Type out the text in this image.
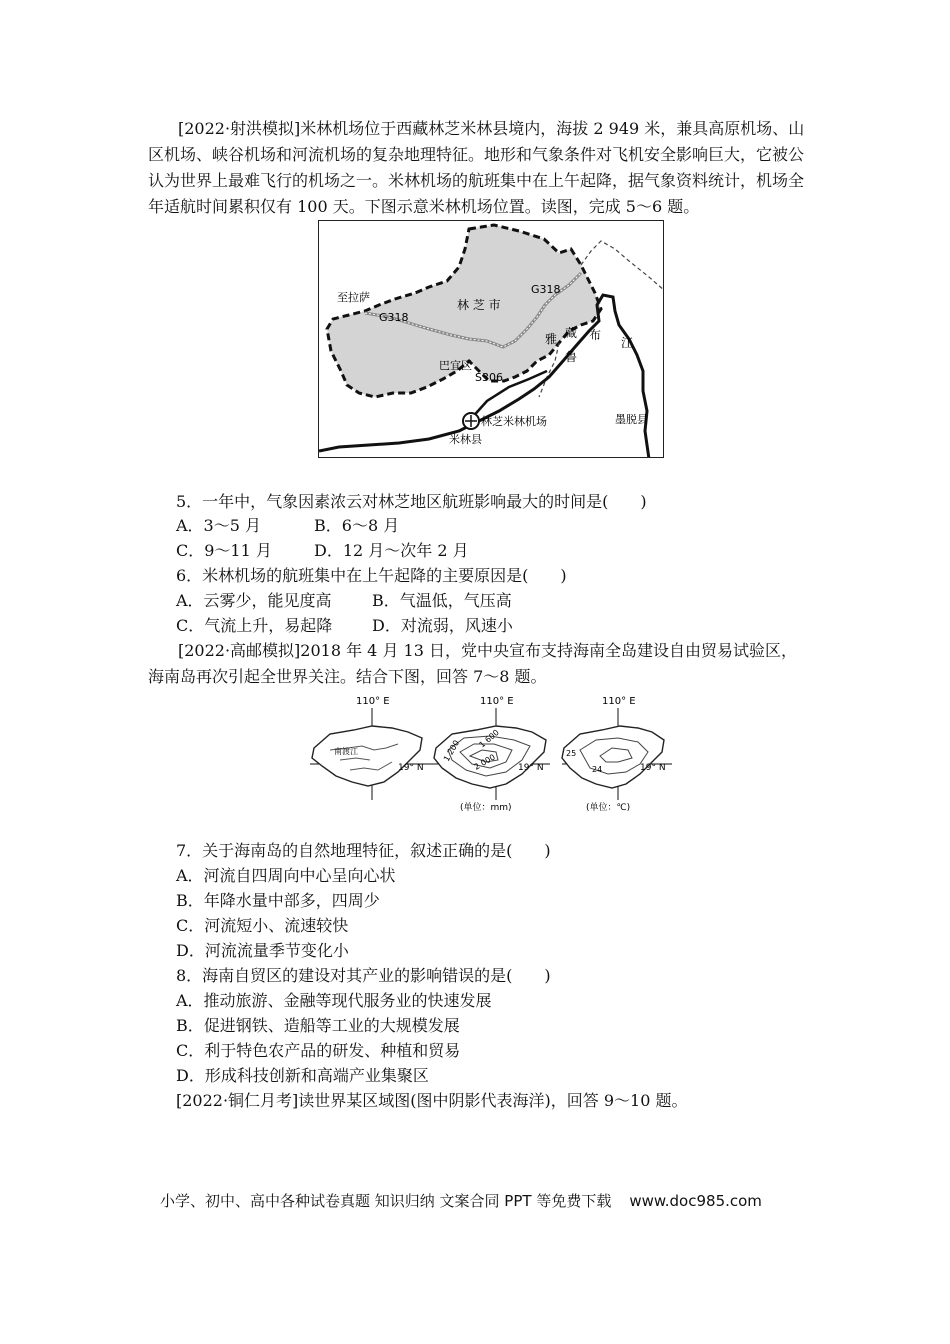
[2022·射洪模拟]米林机场位于西藏林芝米林县境内，海拔 2 949 米，兼具高原机场、山区机场、峡谷机场和河流机场的复杂地理特征。地形和气象条件对飞机安全影响巨大，它被公认为世界上最难飞行的机场之一。米林机场的航班集中在上午起降，据气象资料统计，机场全年适航时间累积仅有 100 天。下图示意米林机场位置。读图，完成 5～6 题。

至拉萨
G318
G318
林 芝 市
藏 布
江
雅
鲁
巴宜区
S306
林芝米林机场
米林县
墨脱县
5．一年中，气象因素浓云对林芝地区航班影响最大的时间是(　　)
A．3～5 月	B．6～8 月
C．9～11 月	D．12 月～次年 2 月
6．米林机场的航班集中在上午起降的主要原因是(　　)
A．云雾少，能见度高	B．气温低，气压高
C．气流上升，易起降 D．对流弱，风速小

[2022·高邮模拟]2018 年 4 月 13 日，党中央宣布支持海南全岛建设自由贸易试验区，海南岛再次引起全世界关注。结合下图，回答 7～8 题。

110° E
南渡江
19° N
110° E
1 200 1 600
2 000 19° N
(单位：mm)
110° E
25
24	19° N
(单位：℃)
7．关于海南岛的自然地理特征，叙述正确的是(　　)
A．河流自四周向中心呈向心状
B．年降水量中部多，四周少
C．河流短小、流速较快
D．河流流量季节变化小
8．海南自贸区的建设对其产业的影响错误的是(　　)
A．推动旅游、金融等现代服务业的快速发展
B．促进钢铁、造船等工业的大规模发展
C．利于特色农产品的研发、种植和贸易
D．形成科技创新和高端产业集聚区
[2022·铜仁月考]读世界某区域图(图中阴影代表海洋)，回答 9～10 题。
小学、初中、高中各种试卷真题 知识归纳 文案合同 PPT 等免费下载 www.doc985.com
